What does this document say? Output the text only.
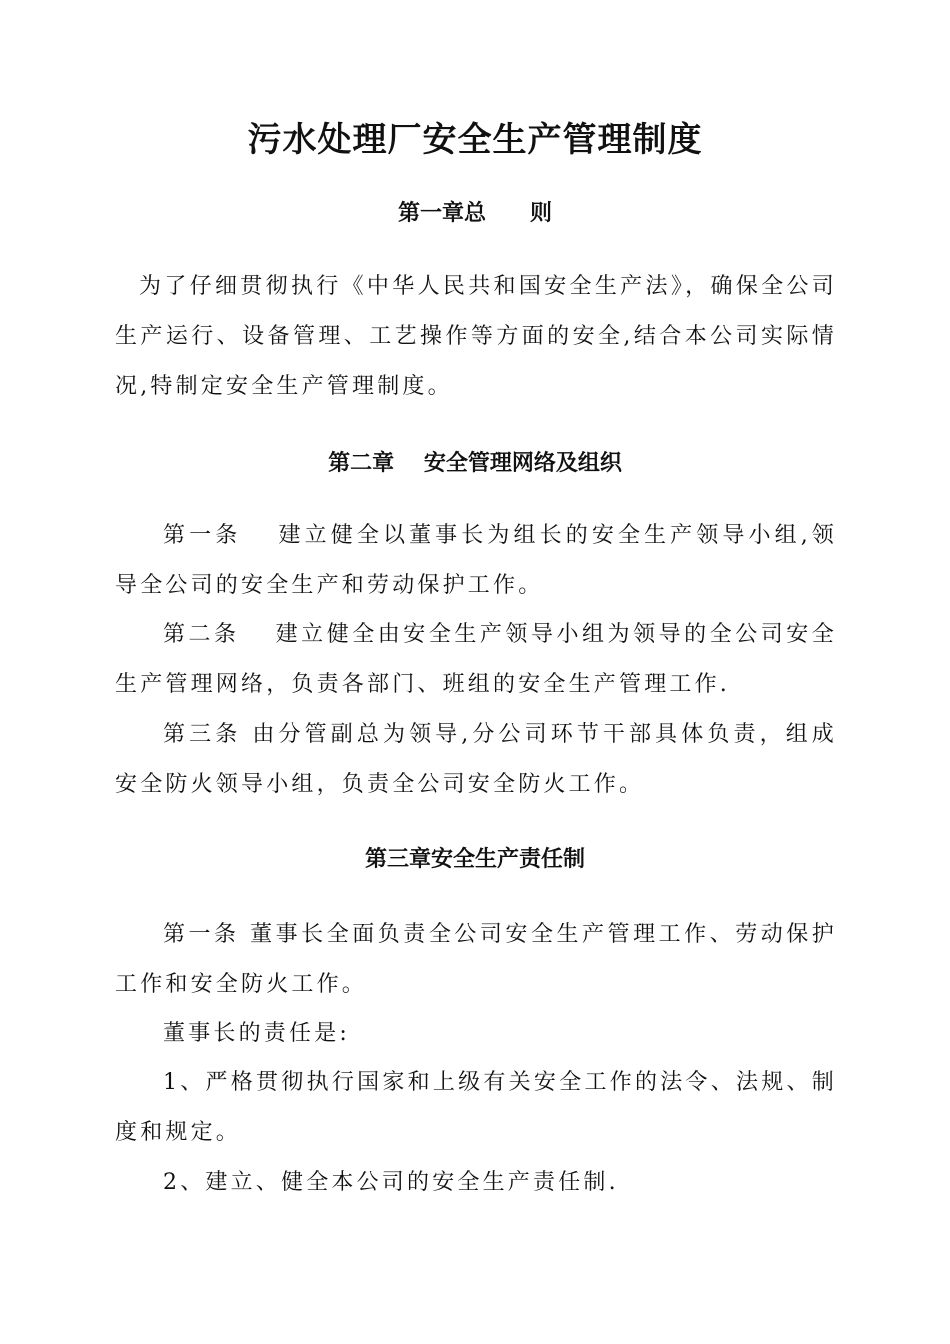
污水处理厂安全生产管理制度
第一章总　　则
为了仔细贯彻执行《中华人民共和国安全生产法》，确保全公司生产运行、设备管理、工艺操作等方面的安全,结合本公司实际情况,特制定安全生产管理制度。
第二章　 安全管理网络及组织
第一条　 建立健全以董事长为组长的安全生产领导小组,领导全公司的安全生产和劳动保护工作。
第二条　 建立健全由安全生产领导小组为领导的全公司安全生产管理网络，负责各部门、班组的安全生产管理工作.
第三条 由分管副总为领导,分公司环节干部具体负责，组成安全防火领导小组，负责全公司安全防火工作。
第三章安全生产责任制
第一条 董事长全面负责全公司安全生产管理工作、劳动保护工作和安全防火工作。
董事长的责任是:
1、严格贯彻执行国家和上级有关安全工作的法令、法规、制度和规定。
2、建立、健全本公司的安全生产责任制.
